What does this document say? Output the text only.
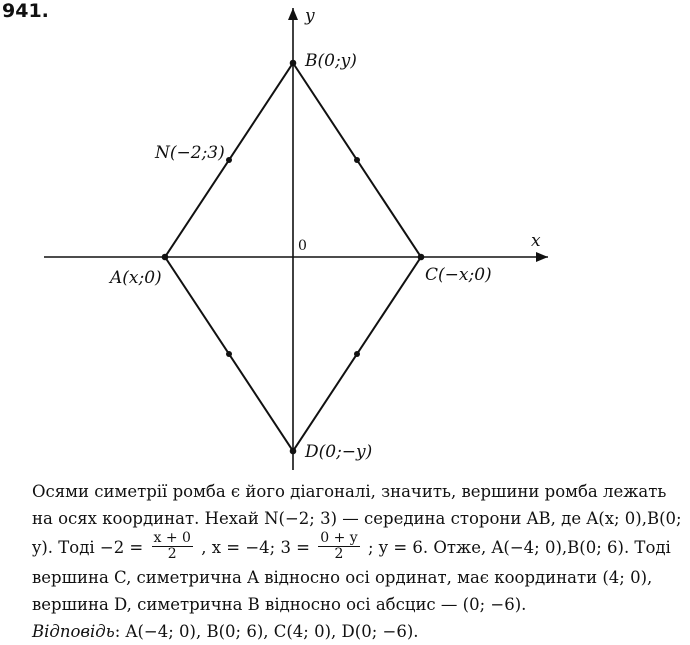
941.	y
x
0
B(0;y)
N(−2;3)
A(x;0)	C(−x;0)
D(0;−y)
Осями симетрії ромба є його діагоналі, значить, вершини ромба лежать
на осях координат. Нехай N(−2; 3) — середина сторони AB, де A(x; 0),B(0;
y). Тоді $-2 = \frac{x + 0}{2}$ , x = −4; $3 = \frac{0 + y}{2}$ ; y = 6. Отже, A(−4; 0),B(0; 6). Тоді
вершина C, симетрична A відносно осі ординат, має координати (4; 0),
вершина D, симетрична B відносно осі абсцис — (0; −6).
Відповідь: A(−4; 0), B(0; 6), C(4; 0), D(0; −6).
